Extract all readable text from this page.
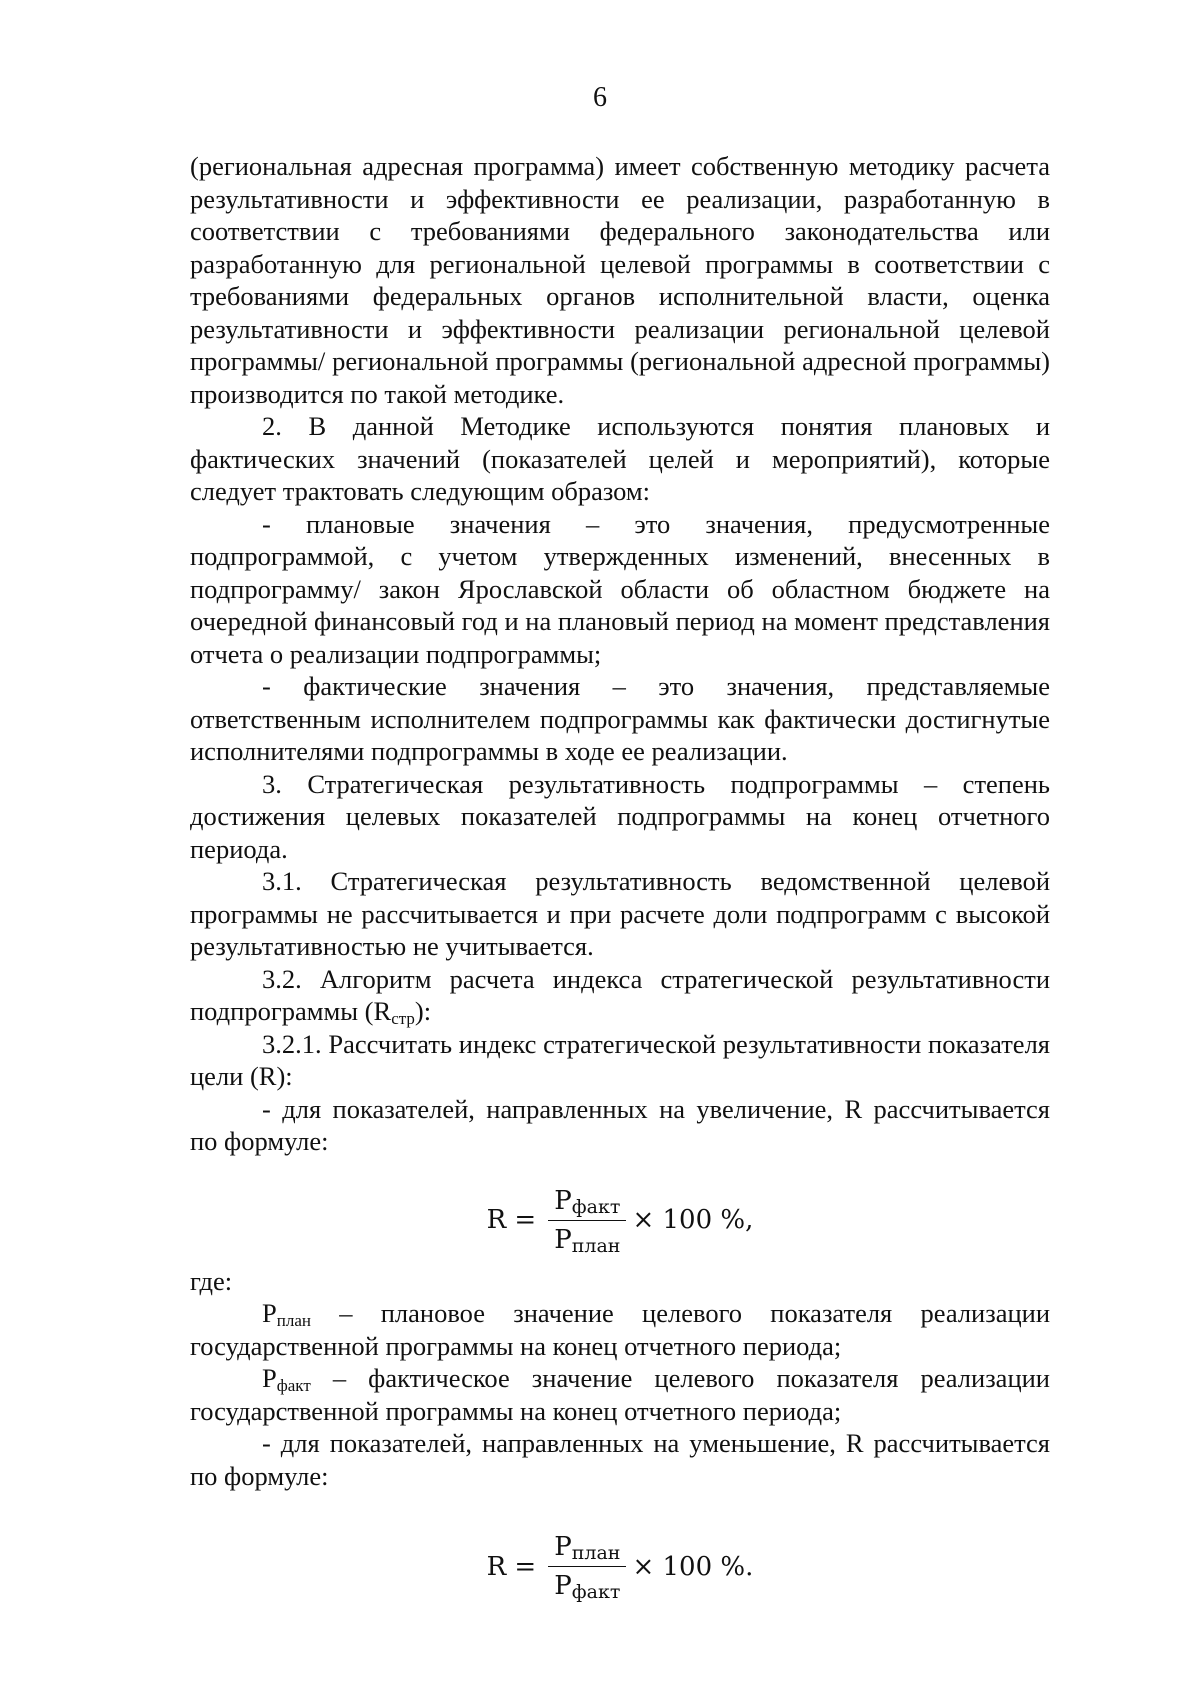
6

(региональная адресная программа) имеет собственную методику расчета результативности и эффективности ее реализации, разработанную в соответствии с требованиями федерального законодательства или разработанную для региональной целевой программы в соответствии с требованиями федеральных органов исполнительной власти, оценка результативности и эффективности реализации региональной целевой программы/ региональной программы (региональной адресной программы) производится по такой методике.

2. В данной Методике используются понятия плановых и фактических значений (показателей целей и мероприятий), которые следует трактовать следующим образом:

- плановые значения – это значения, предусмотренные подпрограммой, с учетом утвержденных изменений, внесенных в подпрограмму/ закон Ярославской области об областном бюджете на очередной финансовый год и на плановый период на момент представления отчета о реализации подпрограммы;

- фактические значения – это значения, представляемые ответственным исполнителем подпрограммы как фактически достигнутые исполнителями подпрограммы в ходе ее реализации.

3. Стратегическая результативность подпрограммы – степень достижения целевых показателей подпрограммы на конец отчетного периода.

3.1. Стратегическая результативность ведомственной целевой программы не рассчитывается и при расчете доли подпрограмм с высокой результативностью не учитывается.

3.2. Алгоритм расчета индекса стратегической результативности подпрограммы $(R_{стр})$:

3.2.1. Рассчитать индекс стратегической результативности показателя цели (R):

- для показателей, направленных на увеличение, R рассчитывается по формуле:

$R = \frac{P_{факт}}{P_{план}} \times 100$ %,

где:

$P_{план}$ – плановое значение целевого показателя реализации государственной программы на конец отчетного периода;

$P_{факт}$ – фактическое значение целевого показателя реализации государственной программы на конец отчетного периода;

- для показателей, направленных на уменьшение, R рассчитывается по формуле:

$R = \frac{P_{план}}{P_{факт}} \times 100$ %.
